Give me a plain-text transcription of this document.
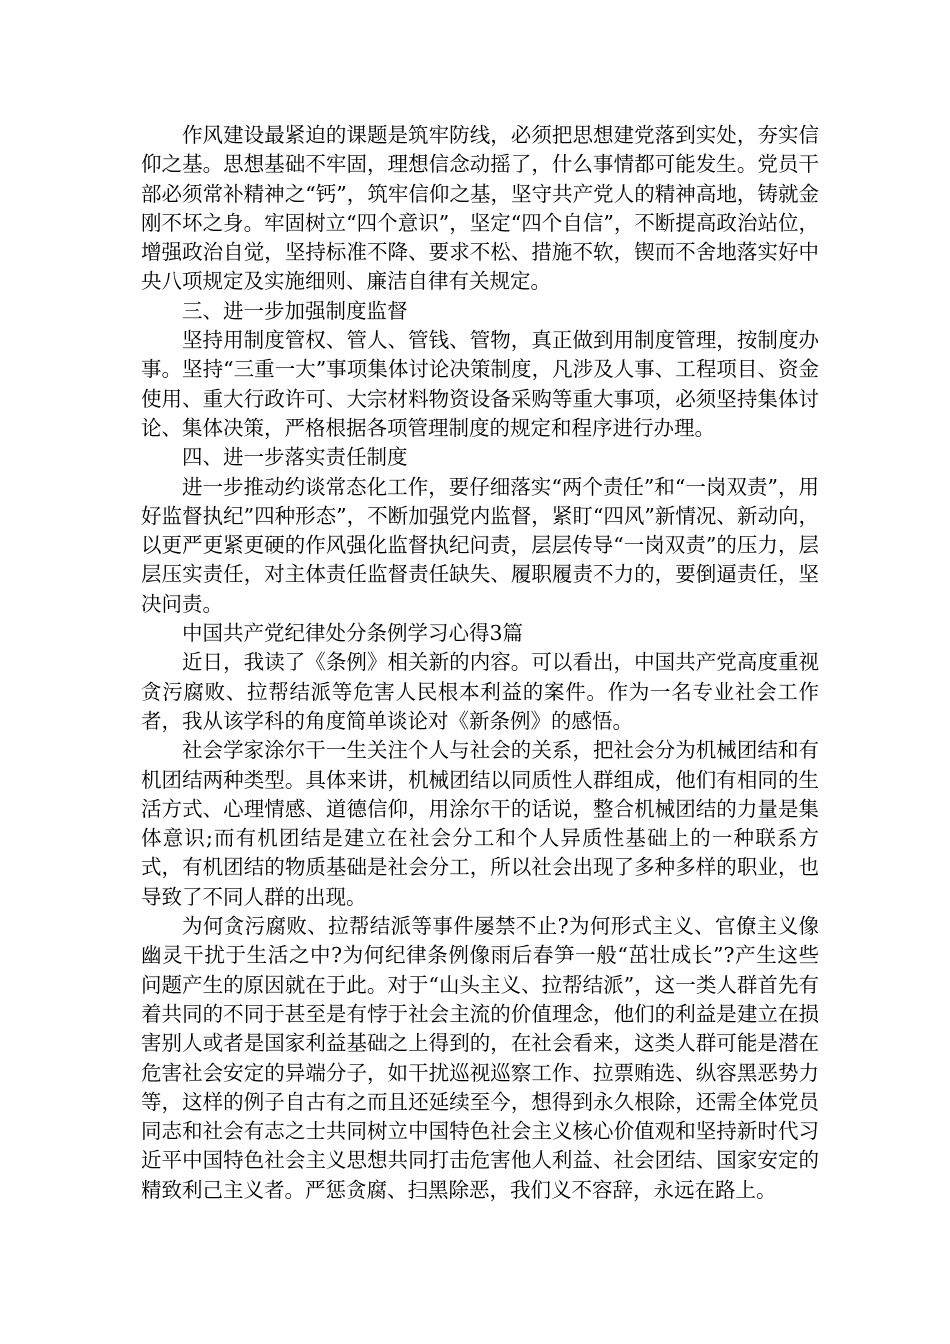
作风建设最紧迫的课题是筑牢防线，必须把思想建党落到实处，夯实信仰之基。思想基础不牢固，理想信念动摇了，什么事情都可能发生。党员干部必须常补精神之“钙”，筑牢信仰之基，坚守共产党人的精神高地，铸就金刚不坏之身。牢固树立“四个意识”，坚定“四个自信”，不断提高政治站位，增强政治自觉，坚持标准不降、要求不松、措施不软，锲而不舍地落实好中央八项规定及实施细则、廉洁自律有关规定。

三、进一步加强制度监督

坚持用制度管权、管人、管钱、管物，真正做到用制度管理，按制度办事。坚持“三重一大”事项集体讨论决策制度，凡涉及人事、工程项目、资金使用、重大行政许可、大宗材料物资设备采购等重大事项，必须坚持集体讨论、集体决策，严格根据各项管理制度的规定和程序进行办理。

四、进一步落实责任制度

进一步推动约谈常态化工作，要仔细落实“两个责任”和“一岗双责”，用好监督执纪”四种形态”，不断加强党内监督，紧盯“四风”新情况、新动向，以更严更紧更硬的作风强化监督执纪问责，层层传导“一岗双责”的压力，层层压实责任，对主体责任监督责任缺失、履职履责不力的，要倒逼责任，坚决问责。

中国共产党纪律处分条例学习心得3篇

近日，我读了《条例》相关新的内容。可以看出，中国共产党高度重视贪污腐败、拉帮结派等危害人民根本利益的案件。作为一名专业社会工作者，我从该学科的角度简单谈论对《新条例》的感悟。

社会学家涂尔干一生关注个人与社会的关系，把社会分为机械团结和有机团结两种类型。具体来讲，机械团结以同质性人群组成，他们有相同的生活方式、心理情感、道德信仰，用涂尔干的话说，整合机械团结的力量是集体意识;而有机团结是建立在社会分工和个人异质性基础上的一种联系方式，有机团结的物质基础是社会分工，所以社会出现了多种多样的职业，也导致了不同人群的出现。

为何贪污腐败、拉帮结派等事件屡禁不止?为何形式主义、官僚主义像幽灵干扰于生活之中?为何纪律条例像雨后春笋一般“茁壮成长”?产生这些问题产生的原因就在于此。对于“山头主义、拉帮结派”，这一类人群首先有着共同的不同于甚至是有悖于社会主流的价值理念，他们的利益是建立在损害别人或者是国家利益基础之上得到的，在社会看来，这类人群可能是潜在危害社会安定的异端分子，如干扰巡视巡察工作、拉票贿选、纵容黑恶势力等，这样的例子自古有之而且还延续至今，想得到永久根除，还需全体党员同志和社会有志之士共同树立中国特色社会主义核心价值观和坚持新时代习近平中国特色社会主义思想共同打击危害他人利益、社会团结、国家安定的精致利己主义者。严惩贪腐、扫黑除恶，我们义不容辞，永远在路上。
